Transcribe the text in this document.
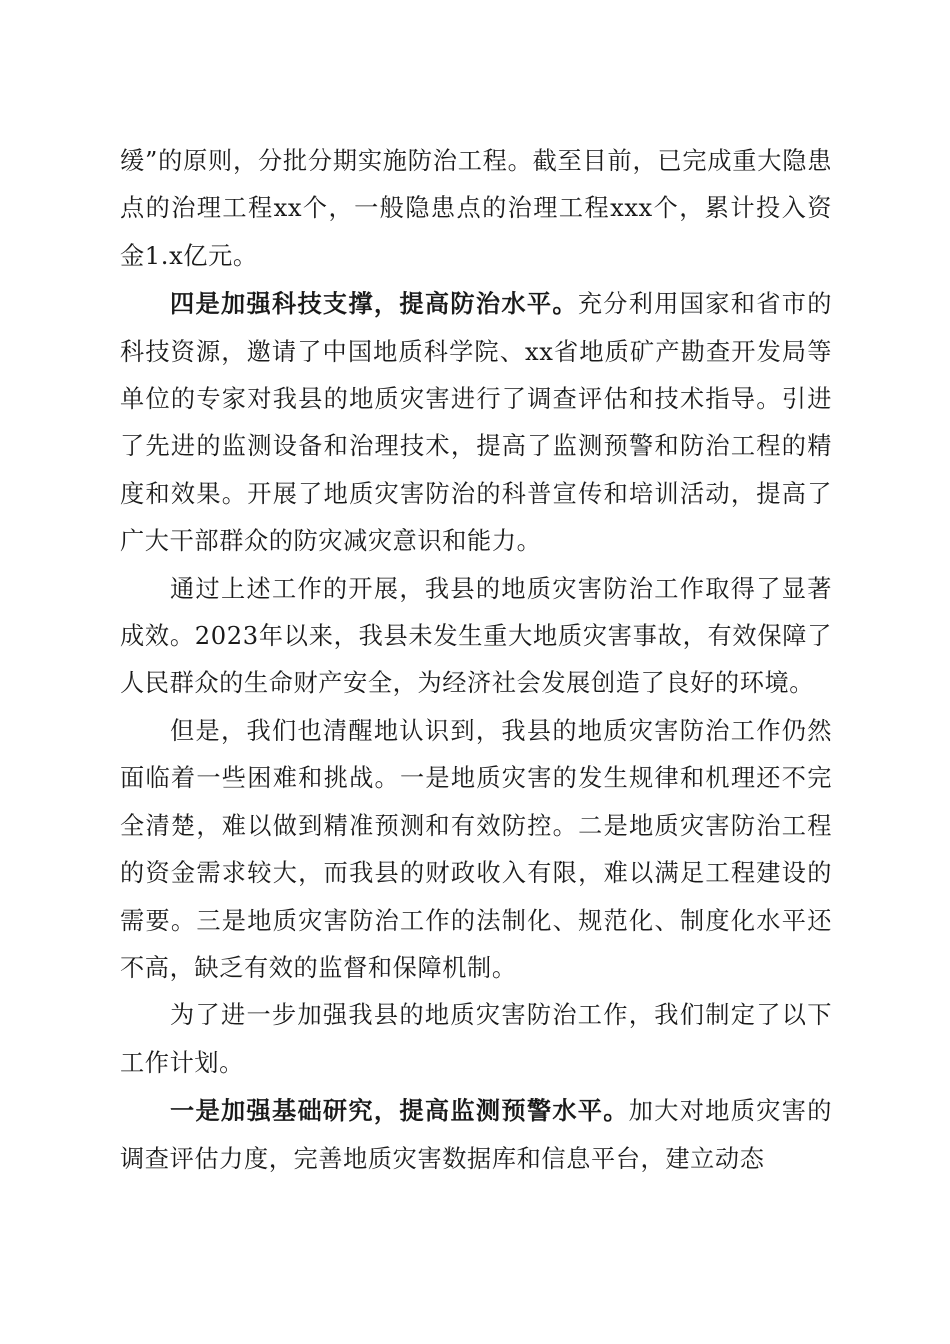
缓”的原则，分批分期实施防治工程。截至目前，已完成重大隐患点的治理工程xx个，一般隐患点的治理工程xxx个，累计投入资金1.x亿元。

四是加强科技支撑，提高防治水平。充分利用国家和省市的科技资源，邀请了中国地质科学院、xx省地质矿产勘查开发局等单位的专家对我县的地质灾害进行了调查评估和技术指导。引进了先进的监测设备和治理技术，提高了监测预警和防治工程的精度和效果。开展了地质灾害防治的科普宣传和培训活动，提高了广大干部群众的防灾减灾意识和能力。

通过上述工作的开展，我县的地质灾害防治工作取得了显著成效。2023年以来，我县未发生重大地质灾害事故，有效保障了人民群众的生命财产安全，为经济社会发展创造了良好的环境。

但是，我们也清醒地认识到，我县的地质灾害防治工作仍然面临着一些困难和挑战。一是地质灾害的发生规律和机理还不完全清楚，难以做到精准预测和有效防控。二是地质灾害防治工程的资金需求较大，而我县的财政收入有限，难以满足工程建设的需要。三是地质灾害防治工作的法制化、规范化、制度化水平还不高，缺乏有效的监督和保障机制。

为了进一步加强我县的地质灾害防治工作，我们制定了以下工作计划。

一是加强基础研究，提高监测预警水平。加大对地质灾害的调查评估力度，完善地质灾害数据库和信息平台，建立动态
